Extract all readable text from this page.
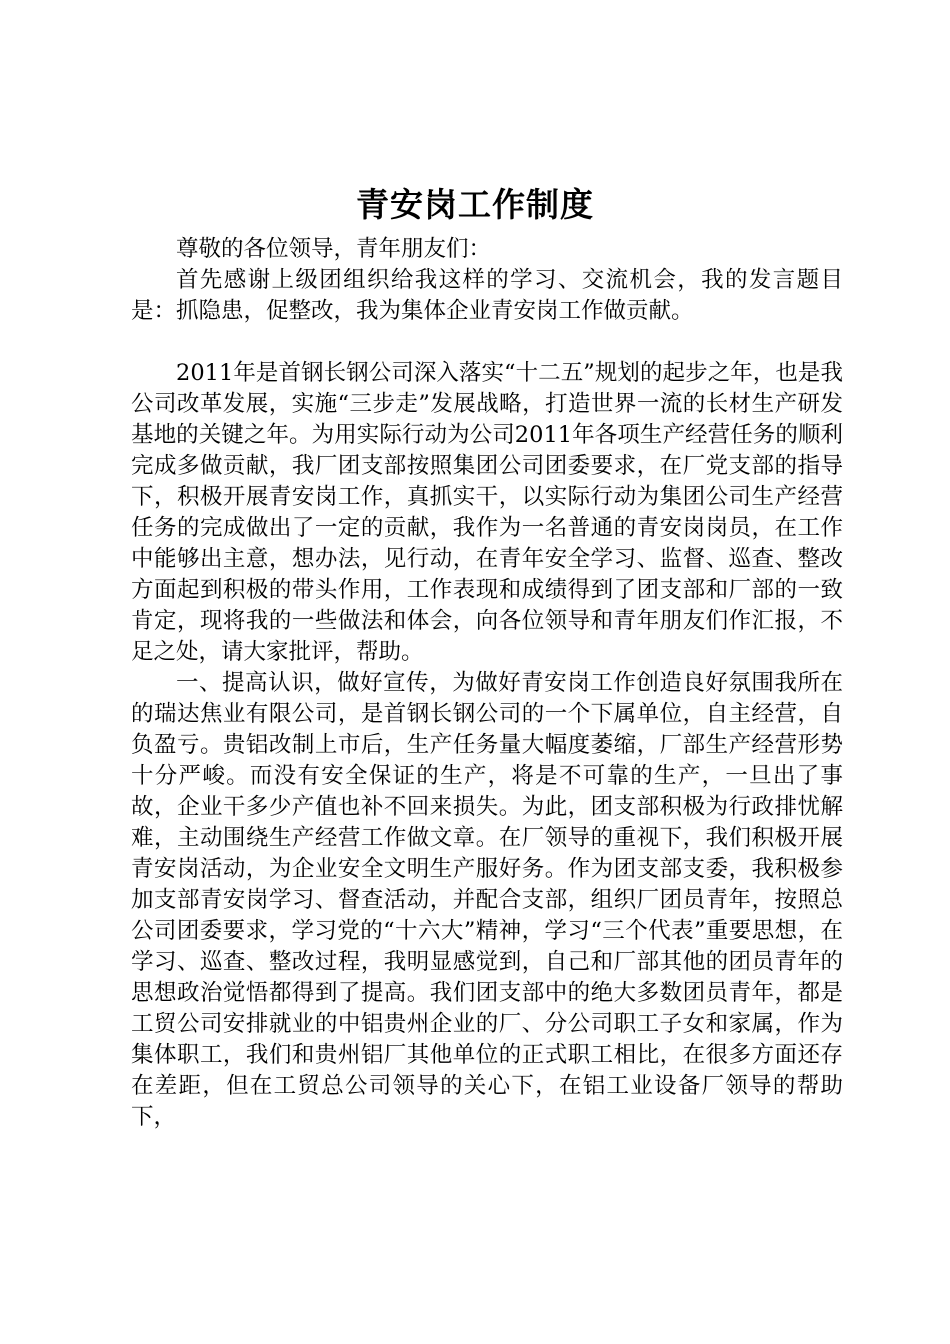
青安岗工作制度

尊敬的各位领导，青年朋友们：

首先感谢上级团组织给我这样的学习、交流机会，我的发言题目是：抓隐患，促整改，我为集体企业青安岗工作做贡献。

2011年是首钢长钢公司深入落实“十二五”规划的起步之年，也是我公司改革发展，实施“三步走”发展战略，打造世界一流的长材生产研发基地的关键之年。为用实际行动为公司2011年各项生产经营任务的顺利完成多做贡献，我厂团支部按照集团公司团委要求，在厂党支部的指导下，积极开展青安岗工作，真抓实干，以实际行动为集团公司生产经营任务的完成做出了一定的贡献，我作为一名普通的青安岗岗员，在工作中能够出主意，想办法，见行动，在青年安全学习、监督、巡查、整改方面起到积极的带头作用，工作表现和成绩得到了团支部和厂部的一致肯定，现将我的一些做法和体会，向各位领导和青年朋友们作汇报，不足之处，请大家批评，帮助。

一、提高认识，做好宣传，为做好青安岗工作创造良好氛围我所在的瑞达焦业有限公司，是首钢长钢公司的一个下属单位，自主经营，自负盈亏。贵铝改制上市后，生产任务量大幅度萎缩，厂部生产经营形势十分严峻。而没有安全保证的生产，将是不可靠的生产，一旦出了事故，企业干多少产值也补不回来损失。为此，团支部积极为行政排忧解难，主动围绕生产经营工作做文章。在厂领导的重视下，我们积极开展青安岗活动，为企业安全文明生产服好务。作为团支部支委，我积极参加支部青安岗学习、督查活动，并配合支部，组织厂团员青年，按照总公司团委要求，学习党的“十六大”精神，学习“三个代表”重要思想，在学习、巡查、整改过程，我明显感觉到，自己和厂部其他的团员青年的思想政治觉悟都得到了提高。我们团支部中的绝大多数团员青年，都是工贸公司安排就业的中铝贵州企业的厂、分公司职工子女和家属，作为集体职工，我们和贵州铝厂其他单位的正式职工相比，在很多方面还存在差距，但在工贸总公司领导的关心下，在铝工业设备厂领导的帮助下，
